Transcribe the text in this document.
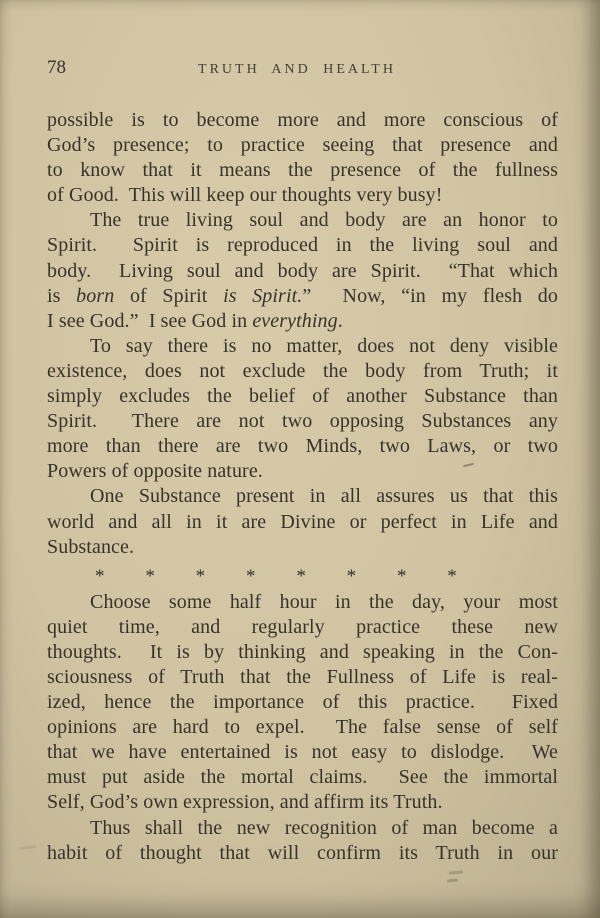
78	TRUTH AND HEALTH
possible is to become more and more conscious of
God’s presence; to practice seeing that presence and
to know that it means the presence of the fullness
of Good.  This will keep our thoughts very busy!
The true living soul and body are an honor to
Spirit.  Spirit is reproduced in the living soul and
body.  Living soul and body are Spirit.  “That which
is born of Spirit is Spirit.”  Now, “in my flesh do
I see God.”  I see God in everything.
To say there is no matter, does not deny visible
existence, does not exclude the body from Truth; it
simply excludes the belief of another Substance than
Spirit.  There are not two opposing Substances any
more than there are two Minds, two Laws, or two
Powers of opposite nature.
One Substance present in all assures us that this
world and all in it are Divine or perfect in Life and
Substance.
* * * * * * * *
Choose some half hour in the day, your most
quiet time, and regularly practice these new
thoughts.  It is by thinking and speaking in the Con-
sciousness of Truth that the Fullness of Life is real-
ized, hence the importance of this practice.  Fixed
opinions are hard to expel.  The false sense of self
that we have entertained is not easy to dislodge.  We
must put aside the mortal claims.  See the immortal
Self, God’s own expression, and affirm its Truth.
Thus shall the new recognition of man become a
habit of thought that will confirm its Truth in our
